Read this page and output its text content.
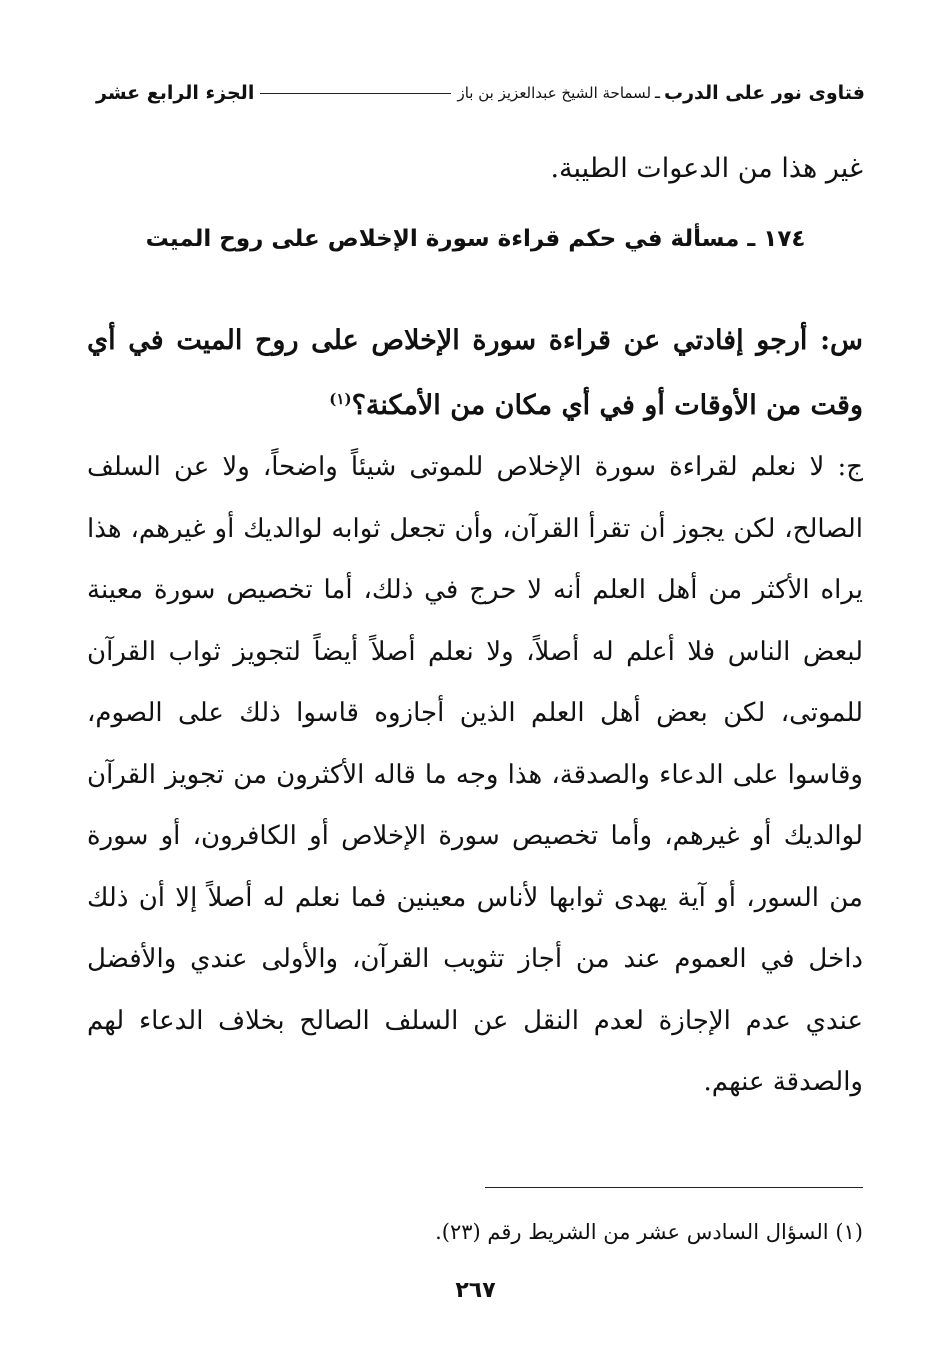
فتاوى نور على الدرب
ـ
لسماحة الشيخ عبدالعزيز بن باز
الجزء الرابع عشر
غير هذا من الدعوات الطيبة.
١٧٤ ـ مسألة في حكم قراءة سورة الإخلاص على روح الميت
س: أرجو إفادتي عن قراءة سورة الإخلاص على روح الميت في أي وقت من الأوقات أو في أي مكان من الأمكنة؟$^{(١)}$
ج: لا نعلم لقراءة سورة الإخلاص للموتى شيئاً واضحاً، ولا عن السلف الصالح، لكن يجوز أن تقرأ القرآن، وأن تجعل ثوابه لوالديك أو غيرهم، هذا يراه الأكثر من أهل العلم أنه لا حرج في ذلك، أما تخصيص سورة معينة لبعض الناس فلا أعلم له أصلاً، ولا نعلم أصلاً أيضاً لتجويز ثواب القرآن للموتى، لكن بعض أهل العلم الذين أجازوه قاسوا ذلك على الصوم، وقاسوا على الدعاء والصدقة، هذا وجه ما قاله الأكثرون من تجويز القرآن لوالديك أو غيرهم، وأما تخصيص سورة الإخلاص أو الكافرون، أو سورة من السور، أو آية يهدى ثوابها لأناس معينين فما نعلم له أصلاً إلا أن ذلك داخل في العموم عند من أجاز تثويب القرآن، والأولى عندي والأفضل عندي عدم الإجازة لعدم النقل عن السلف الصالح بخلاف الدعاء لهم والصدقة عنهم.
(١) السؤال السادس عشر من الشريط رقم (٢٣).
٢٦٧
